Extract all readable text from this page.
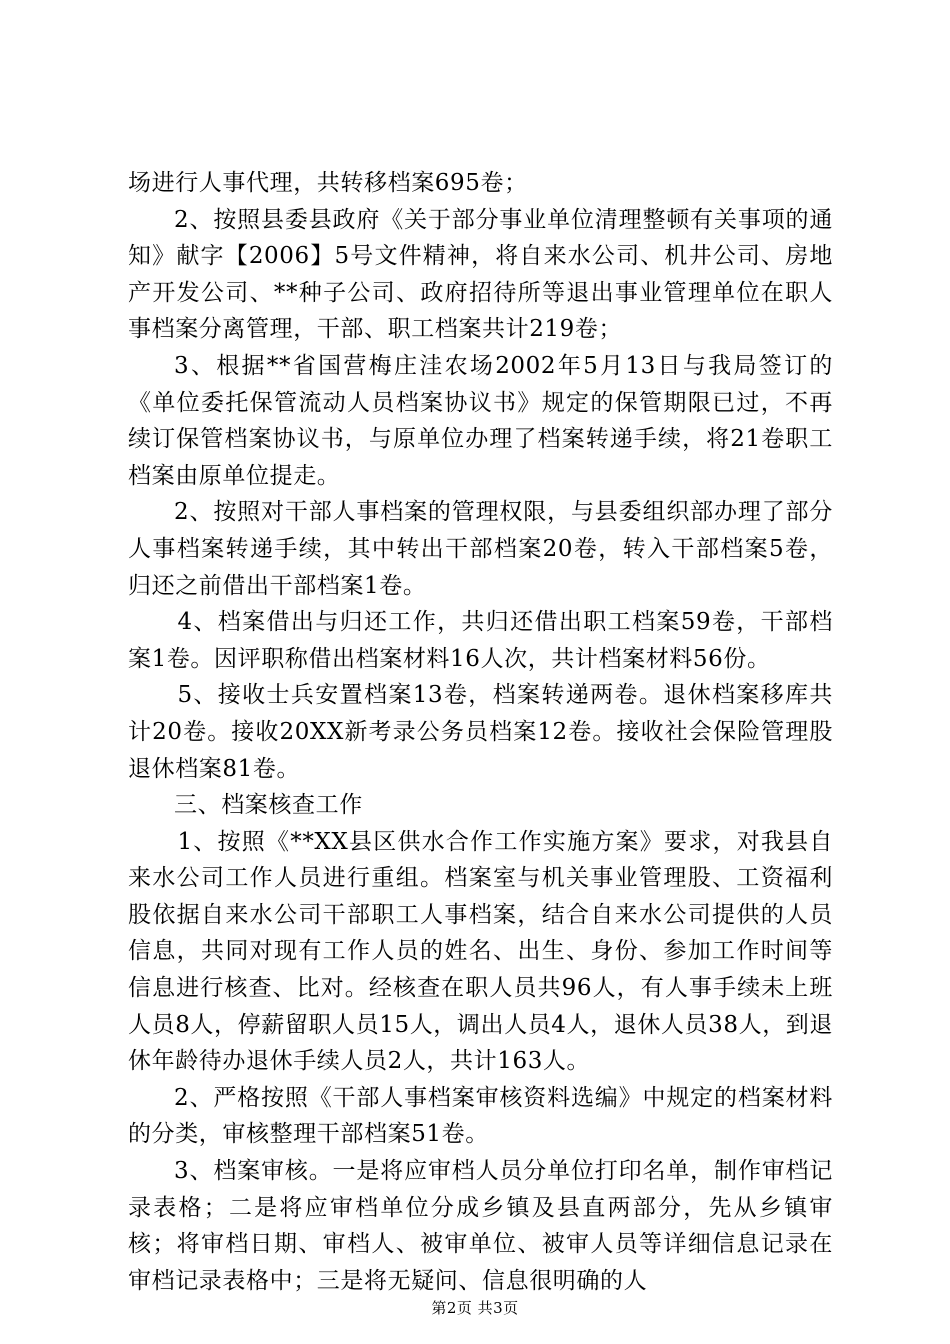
场进行人事代理，共转移档案695卷；

2、按照县委县政府《关于部分事业单位清理整顿有关事项的通知》献字【2006】5号文件精神，将自来水公司、机井公司、房地产开发公司、**种子公司、政府招待所等退出事业管理单位在职人事档案分离管理，干部、职工档案共计219卷；

3、根据**省国营梅庄洼农场2002年5月13日与我局签订的《单位委托保管流动人员档案协议书》规定的保管期限已过，不再续订保管档案协议书，与原单位办理了档案转递手续，将21卷职工档案由原单位提走。

2、按照对干部人事档案的管理权限，与县委组织部办理了部分人事档案转递手续，其中转出干部档案20卷，转入干部档案5卷，归还之前借出干部档案1卷。

4、档案借出与归还工作，共归还借出职工档案59卷，干部档案1卷。因评职称借出档案材料16人次，共计档案材料56份。

5、接收士兵安置档案13卷，档案转递两卷。退休档案移库共计20卷。接收20XX新考录公务员档案12卷。接收社会保险管理股退休档案81卷。

三、档案核查工作

1、按照《**XX县区供水合作工作实施方案》要求，对我县自来水公司工作人员进行重组。档案室与机关事业管理股、工资福利股依据自来水公司干部职工人事档案，结合自来水公司提供的人员信息，共同对现有工作人员的姓名、出生、身份、参加工作时间等信息进行核查、比对。经核查在职人员共96人，有人事手续未上班人员8人，停薪留职人员15人，调出人员4人，退休人员38人，到退休年龄待办退休手续人员2人，共计163人。

2、严格按照《干部人事档案审核资料选编》中规定的档案材料的分类，审核整理干部档案51卷。

3、档案审核。一是将应审档人员分单位打印名单，制作审档记录表格；二是将应审档单位分成乡镇及县直两部分，先从乡镇审核；将审档日期、审档人、被审单位、被审人员等详细信息记录在审档记录表格中；三是将无疑问、信息很明确的人

第2页 共3页
